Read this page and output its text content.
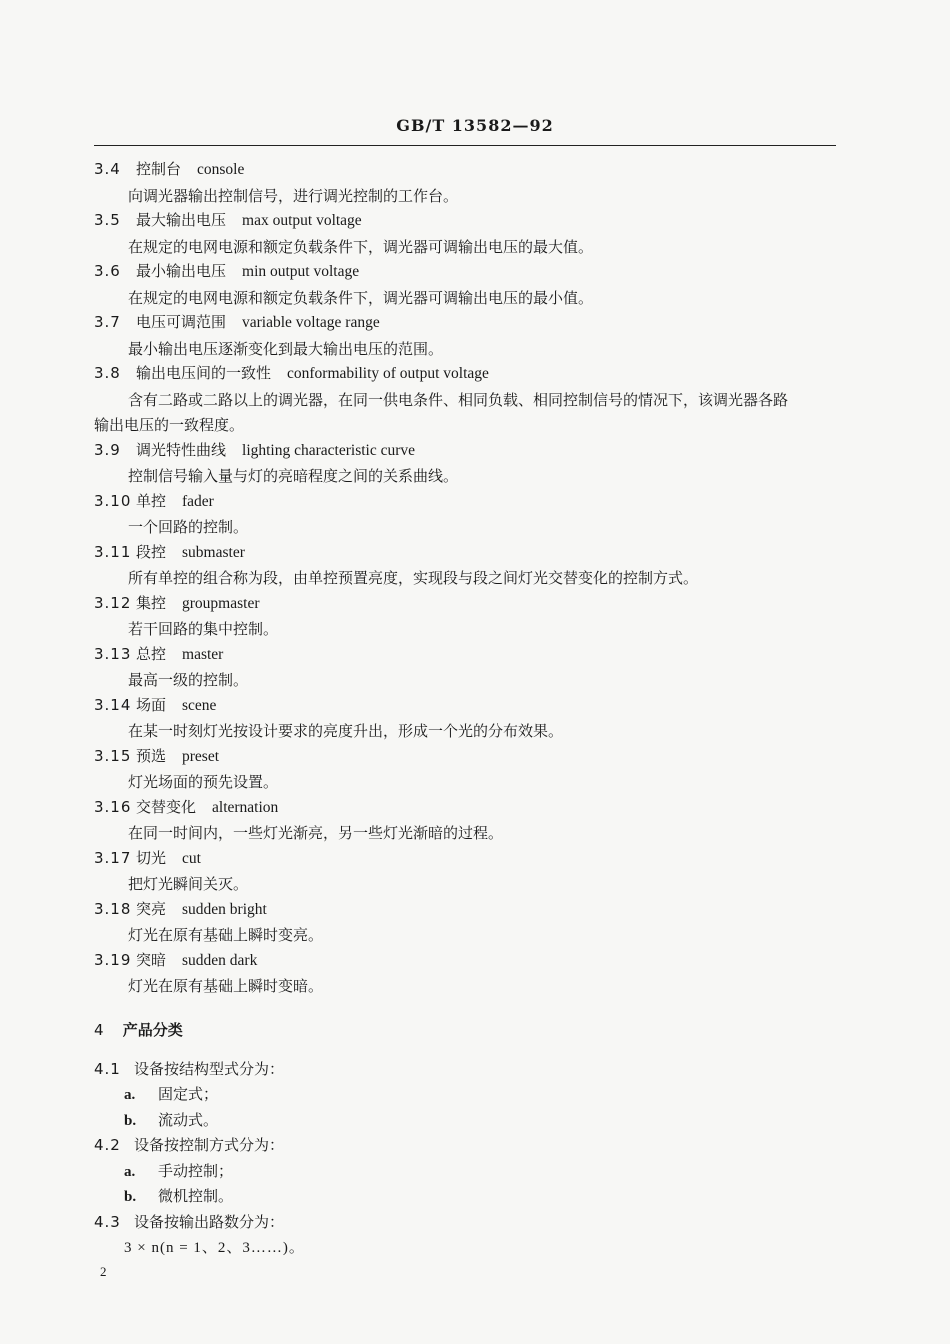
GB/T 13582—92
3.4	控制台 console
向调光器输出控制信号，进行调光控制的工作台。
3.5	最大输出电压 max output voltage
在规定的电网电源和额定负载条件下，调光器可调输出电压的最大值。
3.6	最小输出电压 min output voltage
在规定的电网电源和额定负载条件下，调光器可调输出电压的最小值。
3.7	电压可调范围 variable voltage range
最小输出电压逐渐变化到最大输出电压的范围。
3.8	输出电压间的一致性 conformability of output voltage
含有二路或二路以上的调光器，在同一供电条件、相同负载、相同控制信号的情况下，该调光器各路
输出电压的一致程度。
3.9	调光特性曲线 lighting characteristic curve
控制信号输入量与灯的亮暗程度之间的关系曲线。
3.10 单控 fader
一个回路的控制。
3.11 段控 submaster
所有单控的组合称为段，由单控预置亮度，实现段与段之间灯光交替变化的控制方式。
3.12 集控 groupmaster
若干回路的集中控制。
3.13 总控 master
最高一级的控制。
3.14 场面 scene
在某一时刻灯光按设计要求的亮度升出，形成一个光的分布效果。
3.15 预选 preset
灯光场面的预先设置。
3.16 交替变化 alternation
在同一时间内，一些灯光渐亮，另一些灯光渐暗的过程。
3.17 切光 cut
把灯光瞬间关灭。
3.18 突亮 sudden bright
灯光在原有基础上瞬时变亮。
3.19 突暗 sudden dark
灯光在原有基础上瞬时变暗。
4 产品分类
4.1 设备按结构型式分为：
a.	固定式；
b.	流动式。
4.2 设备按控制方式分为：
a.	手动控制；
b.	微机控制。
4.3 设备按输出路数分为：
3 × n(n = 1、2、3……)。
2
